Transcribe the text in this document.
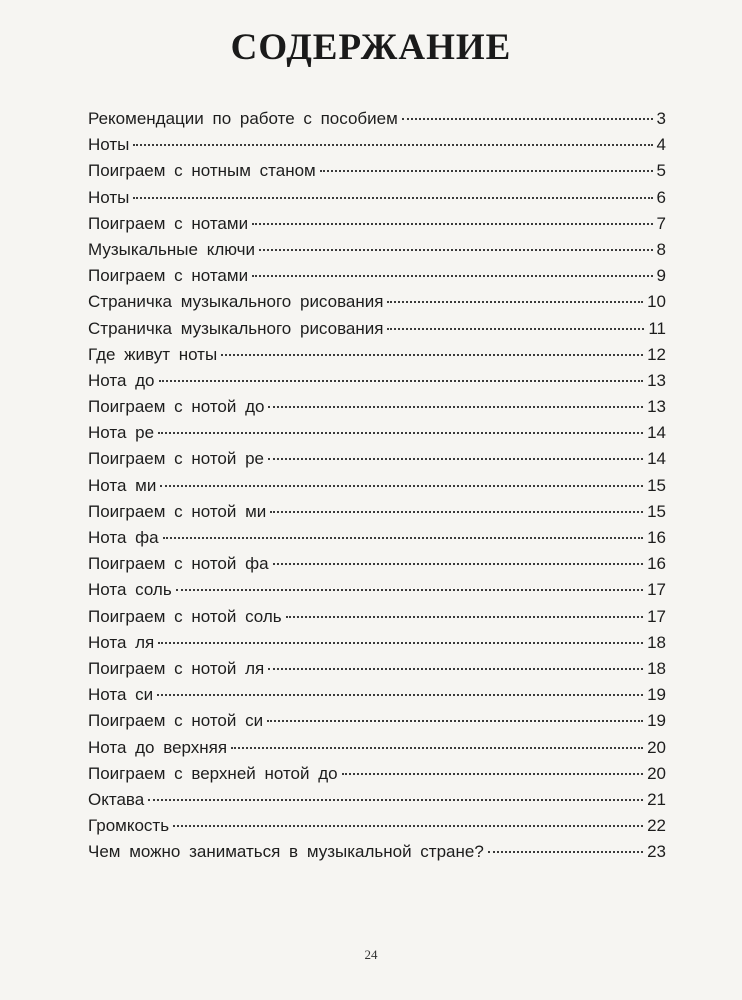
СОДЕРЖАНИЕ
Рекомендации по работе с пособием	3
Ноты	4
Поиграем с нотным станом	5
Ноты	6
Поиграем с нотами	7
Музыкальные ключи	8
Поиграем с нотами	9
Страничка музыкального рисования	10
Страничка музыкального рисования	11
Где живут ноты	12
Нота до	13
Поиграем с нотой до	13
Нота ре	14
Поиграем с нотой ре	14
Нота ми	15
Поиграем с нотой ми	15
Нота фа	16
Поиграем с нотой фа	16
Нота соль	17
Поиграем с нотой соль	17
Нота ля	18
Поиграем с нотой ля	18
Нота си	19
Поиграем с нотой си	19
Нота до верхняя	20
Поиграем с верхней нотой до	20
Октава	21
Громкость	22
Чем можно заниматься в музыкальной стране?	23
24
